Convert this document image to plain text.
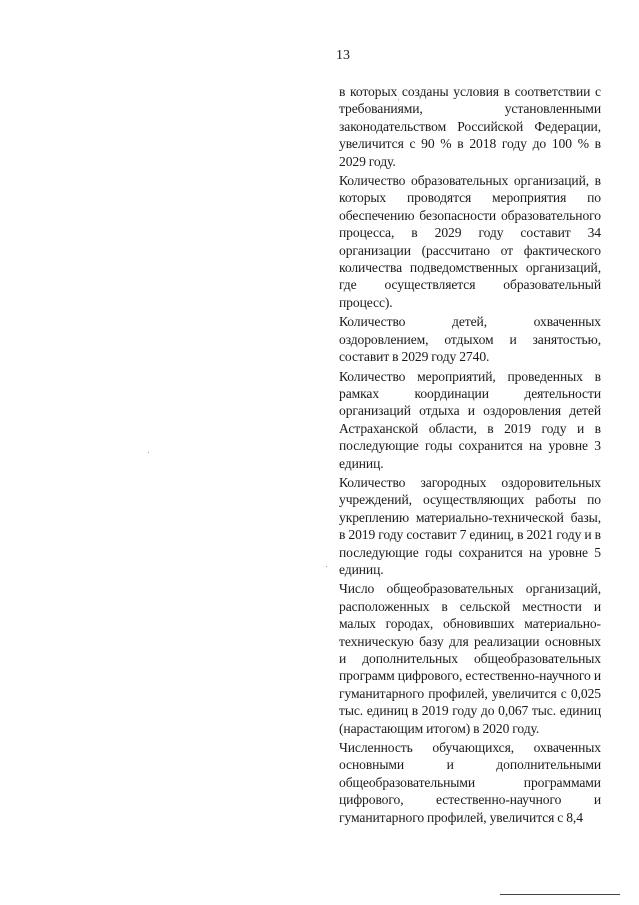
13

в которых созданы условия в соответствии с требованиями, установленными законодательством Российской Федерации, увеличится с 90 % в 2018 году до 100 % в 2029 году.

Количество образовательных организаций, в которых проводятся мероприятия по обеспечению безопасности образовательного процесса, в 2029 году составит 34 организации (рассчитано от фактического количества подведомственных организаций, где осуществляется образовательный процесс).

Количество детей, охваченных оздоровлением, отдыхом и занятостью, составит в 2029 году 2740.

Количество мероприятий, проведенных в рамках координации деятельности организаций отдыха и оздоровления детей Астраханской области, в 2019 году и в последующие годы сохранится на уровне 3 единиц.

Количество загородных оздоровительных учреждений, осуществляющих работы по укреплению материально-технической базы, в 2019 году составит 7 единиц, в 2021 году и в последующие годы сохранится на уровне 5 единиц.

Число общеобразовательных организаций, расположенных в сельской местности и малых городах, обновивших материально-техническую базу для реализации основных и дополнительных общеобразовательных программ цифрового, естественно-научного и гуманитарного профилей, увеличится с 0,025 тыс. единиц в 2019 году до 0,067 тыс. единиц (нарастающим итогом) в 2020 году.

Численность обучающихся, охваченных основными и дополнительными общеобразовательными программами цифрового, естественно-научного и гуманитарного профилей, увеличится с 8,4
